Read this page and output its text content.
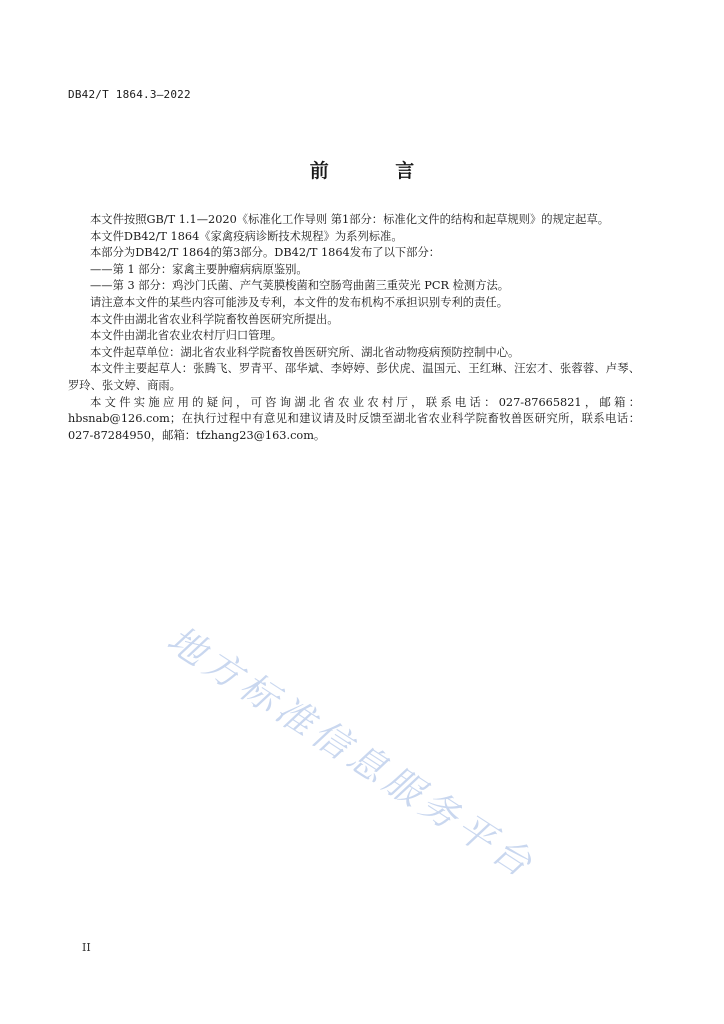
DB42/T 1864.3—2022
前 言

本文件按照GB/T 1.1—2020《标准化工作导则 第1部分：标准化文件的结构和起草规则》的规定起草。

本文件DB42/T 1864《家禽疫病诊断技术规程》为系列标准。

本部分为DB42/T 1864的第3部分。DB42/T 1864发布了以下部分：

——第 1 部分：家禽主要肿瘤病病原鉴别。

——第 3 部分：鸡沙门氏菌、产气荚膜梭菌和空肠弯曲菌三重荧光 PCR 检测方法。

请注意本文件的某些内容可能涉及专利，本文件的发布机构不承担识别专利的责任。

本文件由湖北省农业科学院畜牧兽医研究所提出。

本文件由湖北省农业农村厅归口管理。

本文件起草单位：湖北省农业科学院畜牧兽医研究所、湖北省动物疫病预防控制中心。

本文件主要起草人：张腾飞、罗青平、邵华斌、李婷婷、彭伏虎、温国元、王红琳、汪宏才、张蓉蓉、卢琴、罗玲、张文婷、商雨。

本文件实施应用的疑问，可咨询湖北省农业农村厅，联系电话：027-87665821，邮箱：hbsnab@126.com；在执行过程中有意见和建议请及时反馈至湖北省农业科学院畜牧兽医研究所，联系电话：027-87284950，邮箱：tfzhang23@163.com。

地方标准信息服务平台
II
